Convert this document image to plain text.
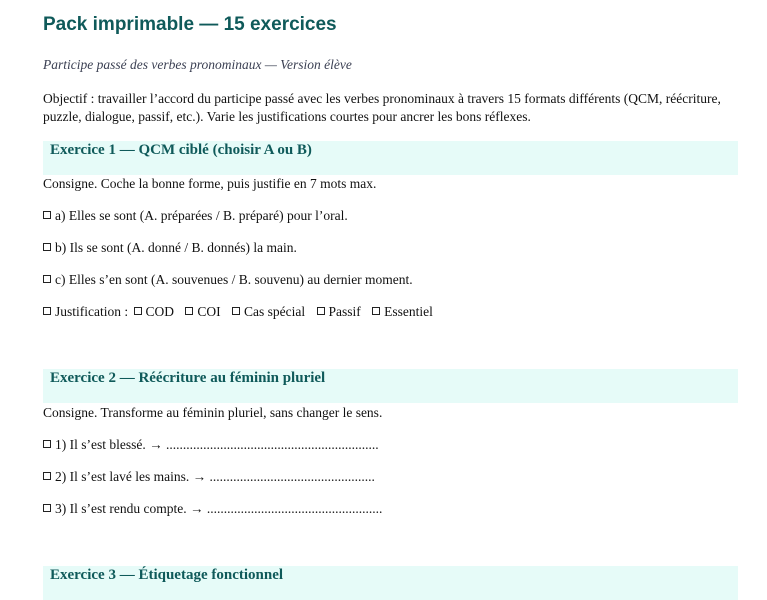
Pack imprimable — 15 exercices
Participe passé des verbes pronominaux — Version élève
Objectif : travailler l’accord du participe passé avec les verbes pronominaux à travers 15 formats différents (QCM, réécriture, puzzle, dialogue, passif, etc.). Varie les justifications courtes pour ancrer les bons réflexes.
Exercice 1 — QCM ciblé (choisir A ou B)
Consigne. Coche la bonne forme, puis justifie en 7 mots max.
a) Elles se sont (A. préparées / B. préparé) pour l’oral.
b) Ils se sont (A. donné / B. donnés) la main.
c) Elles s’en sont (A. souvenues / B. souvenu) au dernier moment.
Justification : COD COI Cas spécial Passif Essentiel
Exercice 2 — Réécriture au féminin pluriel
Consigne. Transforme au féminin pluriel, sans changer le sens.
1) Il s’est blessé. → ...............................................................
2) Il s’est lavé les mains. → .................................................
3) Il s’est rendu compte. → ....................................................
Exercice 3 — Étiquetage fonctionnel
